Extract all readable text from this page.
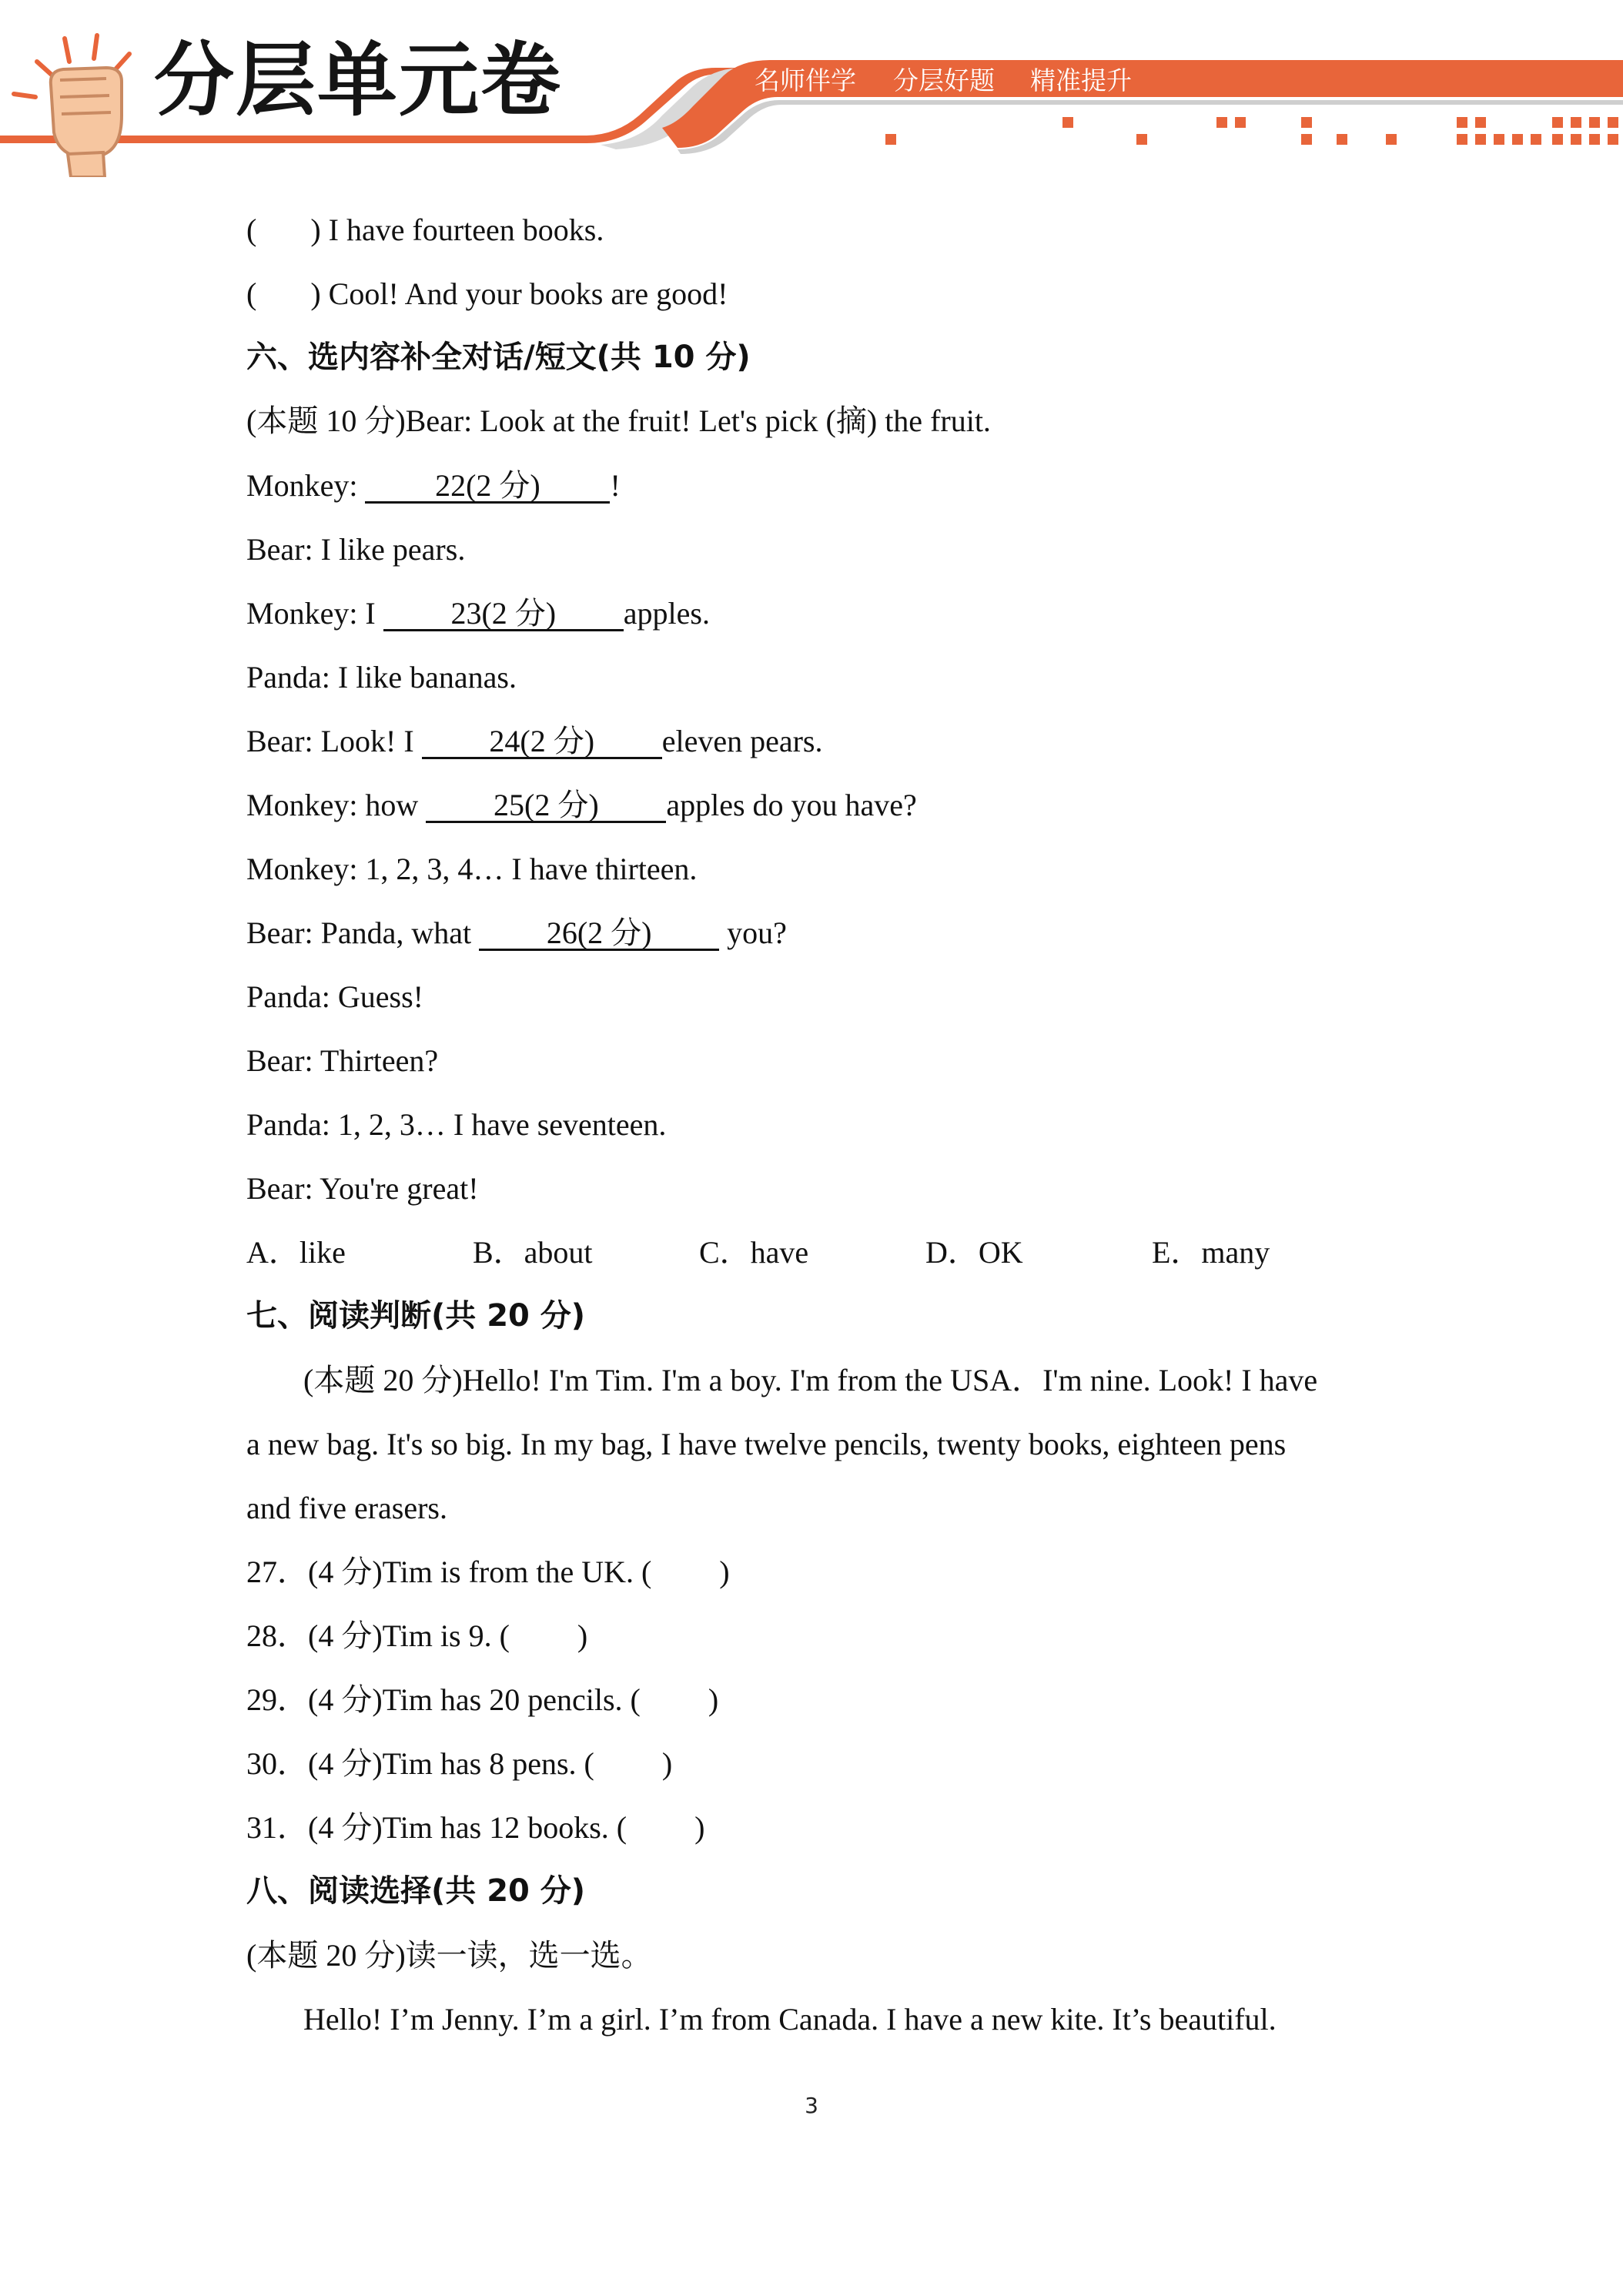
分层单元卷	名师伴学 分层好题 精准提升
( ) I have fourteen books.
( ) Cool! And your books are good!
六、选内容补全对话/短文(共 10 分)
(本题 10 分)Bear: Look at the fruit! Let's pick (摘) the fruit.
Monkey: 22(2 分) !
Bear: I like pears.
Monkey: I 23(2 分) apples.
Panda: I like bananas.
Bear: Look! I 24(2 分) eleven pears.
Monkey: how 25(2 分) apples do you have?
Monkey: 1, 2, 3, 4… I have thirteen.
Bear: Panda, what 26(2 分) you?
Panda: Guess!
Bear: Thirteen?
Panda: 1, 2, 3… I have seventeen.
Bear: You're great!
A．like	B．about	C．have	D．OK	E．many
七、阅读判断(共 20 分)
(本题 20 分)Hello! I'm Tim. I'm a boy. I'm from the USA．I'm nine. Look! I have
a new bag. It's so big. In my bag, I have twelve pencils, twenty books, eighteen pens
and five erasers.
27．(4 分)Tim is from the UK. ( )
28．(4 分)Tim is 9. ( )
29．(4 分)Tim has 20 pencils. ( )
30．(4 分)Tim has 8 pens. ( )
31．(4 分)Tim has 12 books. ( )
八、阅读选择(共 20 分)
(本题 20 分)读一读，选一选。
Hello! I’m Jenny. I’m a girl. I’m from Canada. I have a new kite. It’s beautiful.
3
